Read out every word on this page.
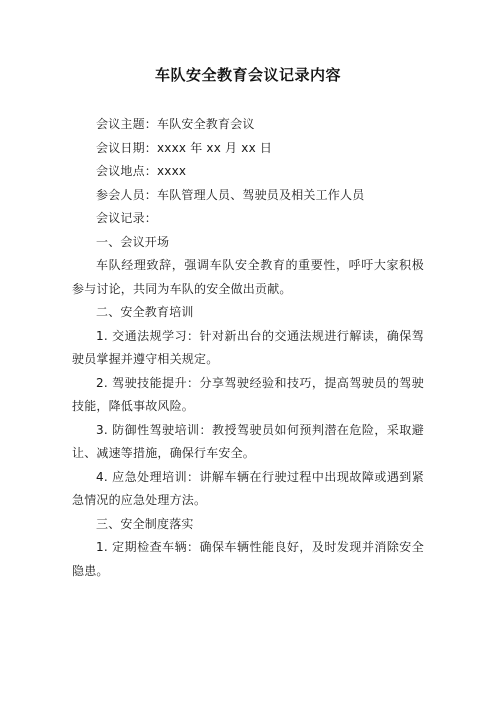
车队安全教育会议记录内容

会议主题：车队安全教育会议

会议日期：xxxx 年 xx 月 xx 日

会议地点：xxxx

参会人员：车队管理人员、驾驶员及相关工作人员

会议记录：

一、会议开场

车队经理致辞，强调车队安全教育的重要性，呼吁大家积极参与讨论，共同为车队的安全做出贡献。

二、安全教育培训

1. 交通法规学习：针对新出台的交通法规进行解读，确保驾驶员掌握并遵守相关规定。

2. 驾驶技能提升：分享驾驶经验和技巧，提高驾驶员的驾驶技能，降低事故风险。

3. 防御性驾驶培训：教授驾驶员如何预判潜在危险，采取避让、减速等措施，确保行车安全。

4. 应急处理培训：讲解车辆在行驶过程中出现故障或遇到紧急情况的应急处理方法。

三、安全制度落实

1. 定期检查车辆：确保车辆性能良好，及时发现并消除安全隐患。
